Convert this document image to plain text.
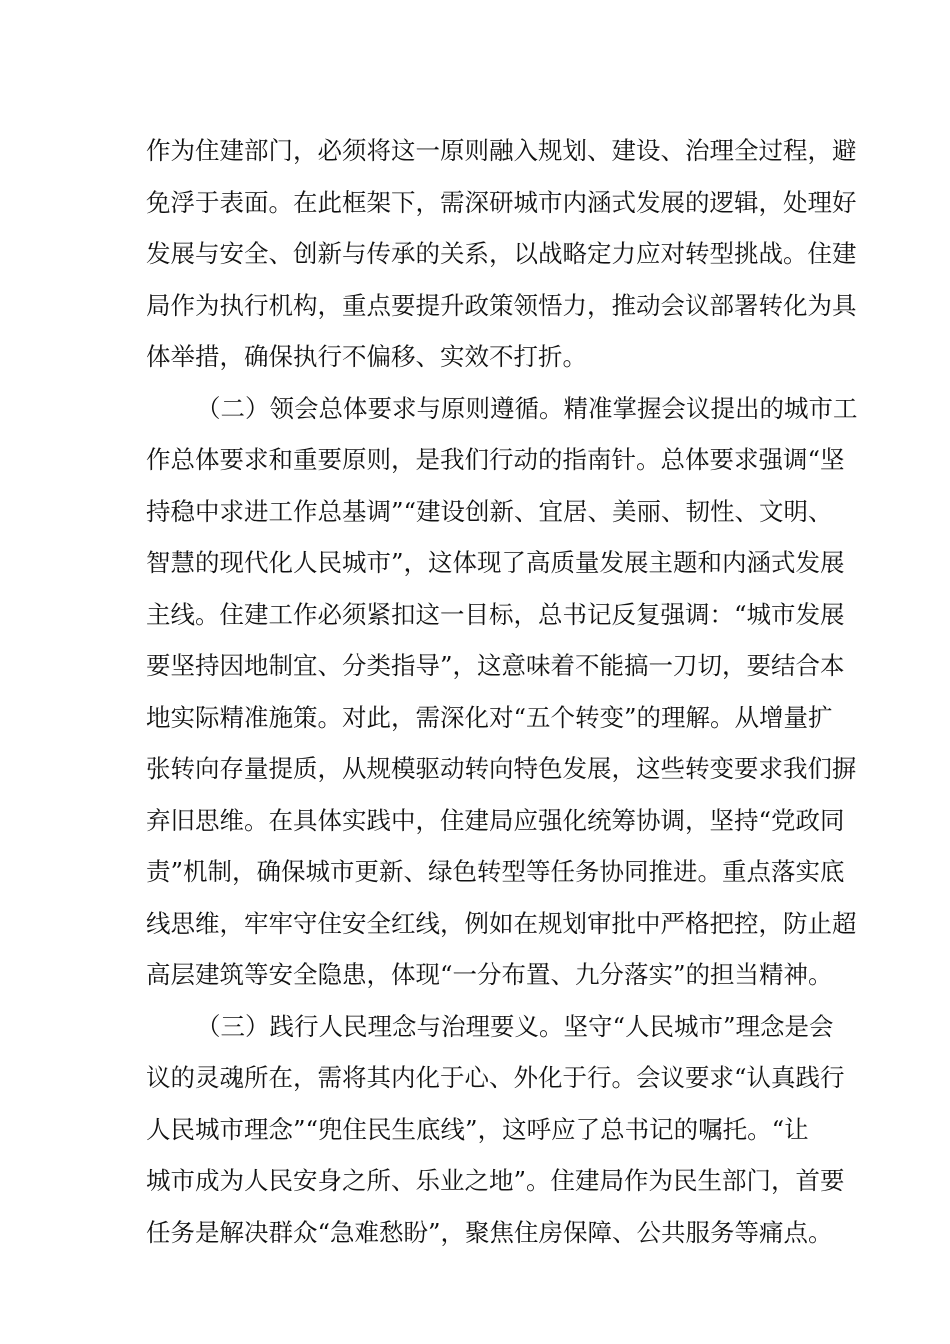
作为住建部门，必须将这一原则融入规划、建设、治理全过程，避
免浮于表面。在此框架下，需深研城市内涵式发展的逻辑，处理好
发展与安全、创新与传承的关系，以战略定力应对转型挑战。住建
局作为执行机构，重点要提升政策领悟力，推动会议部署转化为具
体举措，确保执行不偏移、实效不打折。
（二）领会总体要求与原则遵循。精准掌握会议提出的城市工
作总体要求和重要原则，是我们行动的指南针。总体要求强调“坚
持稳中求进工作总基调”“建设创新、宜居、美丽、韧性、文明、
智慧的现代化人民城市”，这体现了高质量发展主题和内涵式发展
主线。住建工作必须紧扣这一目标，总书记反复强调：“城市发展
要坚持因地制宜、分类指导”，这意味着不能搞一刀切，要结合本
地实际精准施策。对此，需深化对“五个转变”的理解。从增量扩
张转向存量提质，从规模驱动转向特色发展，这些转变要求我们摒
弃旧思维。在具体实践中，住建局应强化统筹协调，坚持“党政同
责”机制，确保城市更新、绿色转型等任务协同推进。重点落实底
线思维，牢牢守住安全红线，例如在规划审批中严格把控，防止超
高层建筑等安全隐患，体现“一分布置、九分落实”的担当精神。
（三）践行人民理念与治理要义。坚守“人民城市”理念是会
议的灵魂所在，需将其内化于心、外化于行。会议要求“认真践行
人民城市理念”“兜住民生底线”，这呼应了总书记的嘱托。“让
城市成为人民安身之所、乐业之地”。住建局作为民生部门，首要
任务是解决群众“急难愁盼”，聚焦住房保障、公共服务等痛点。
